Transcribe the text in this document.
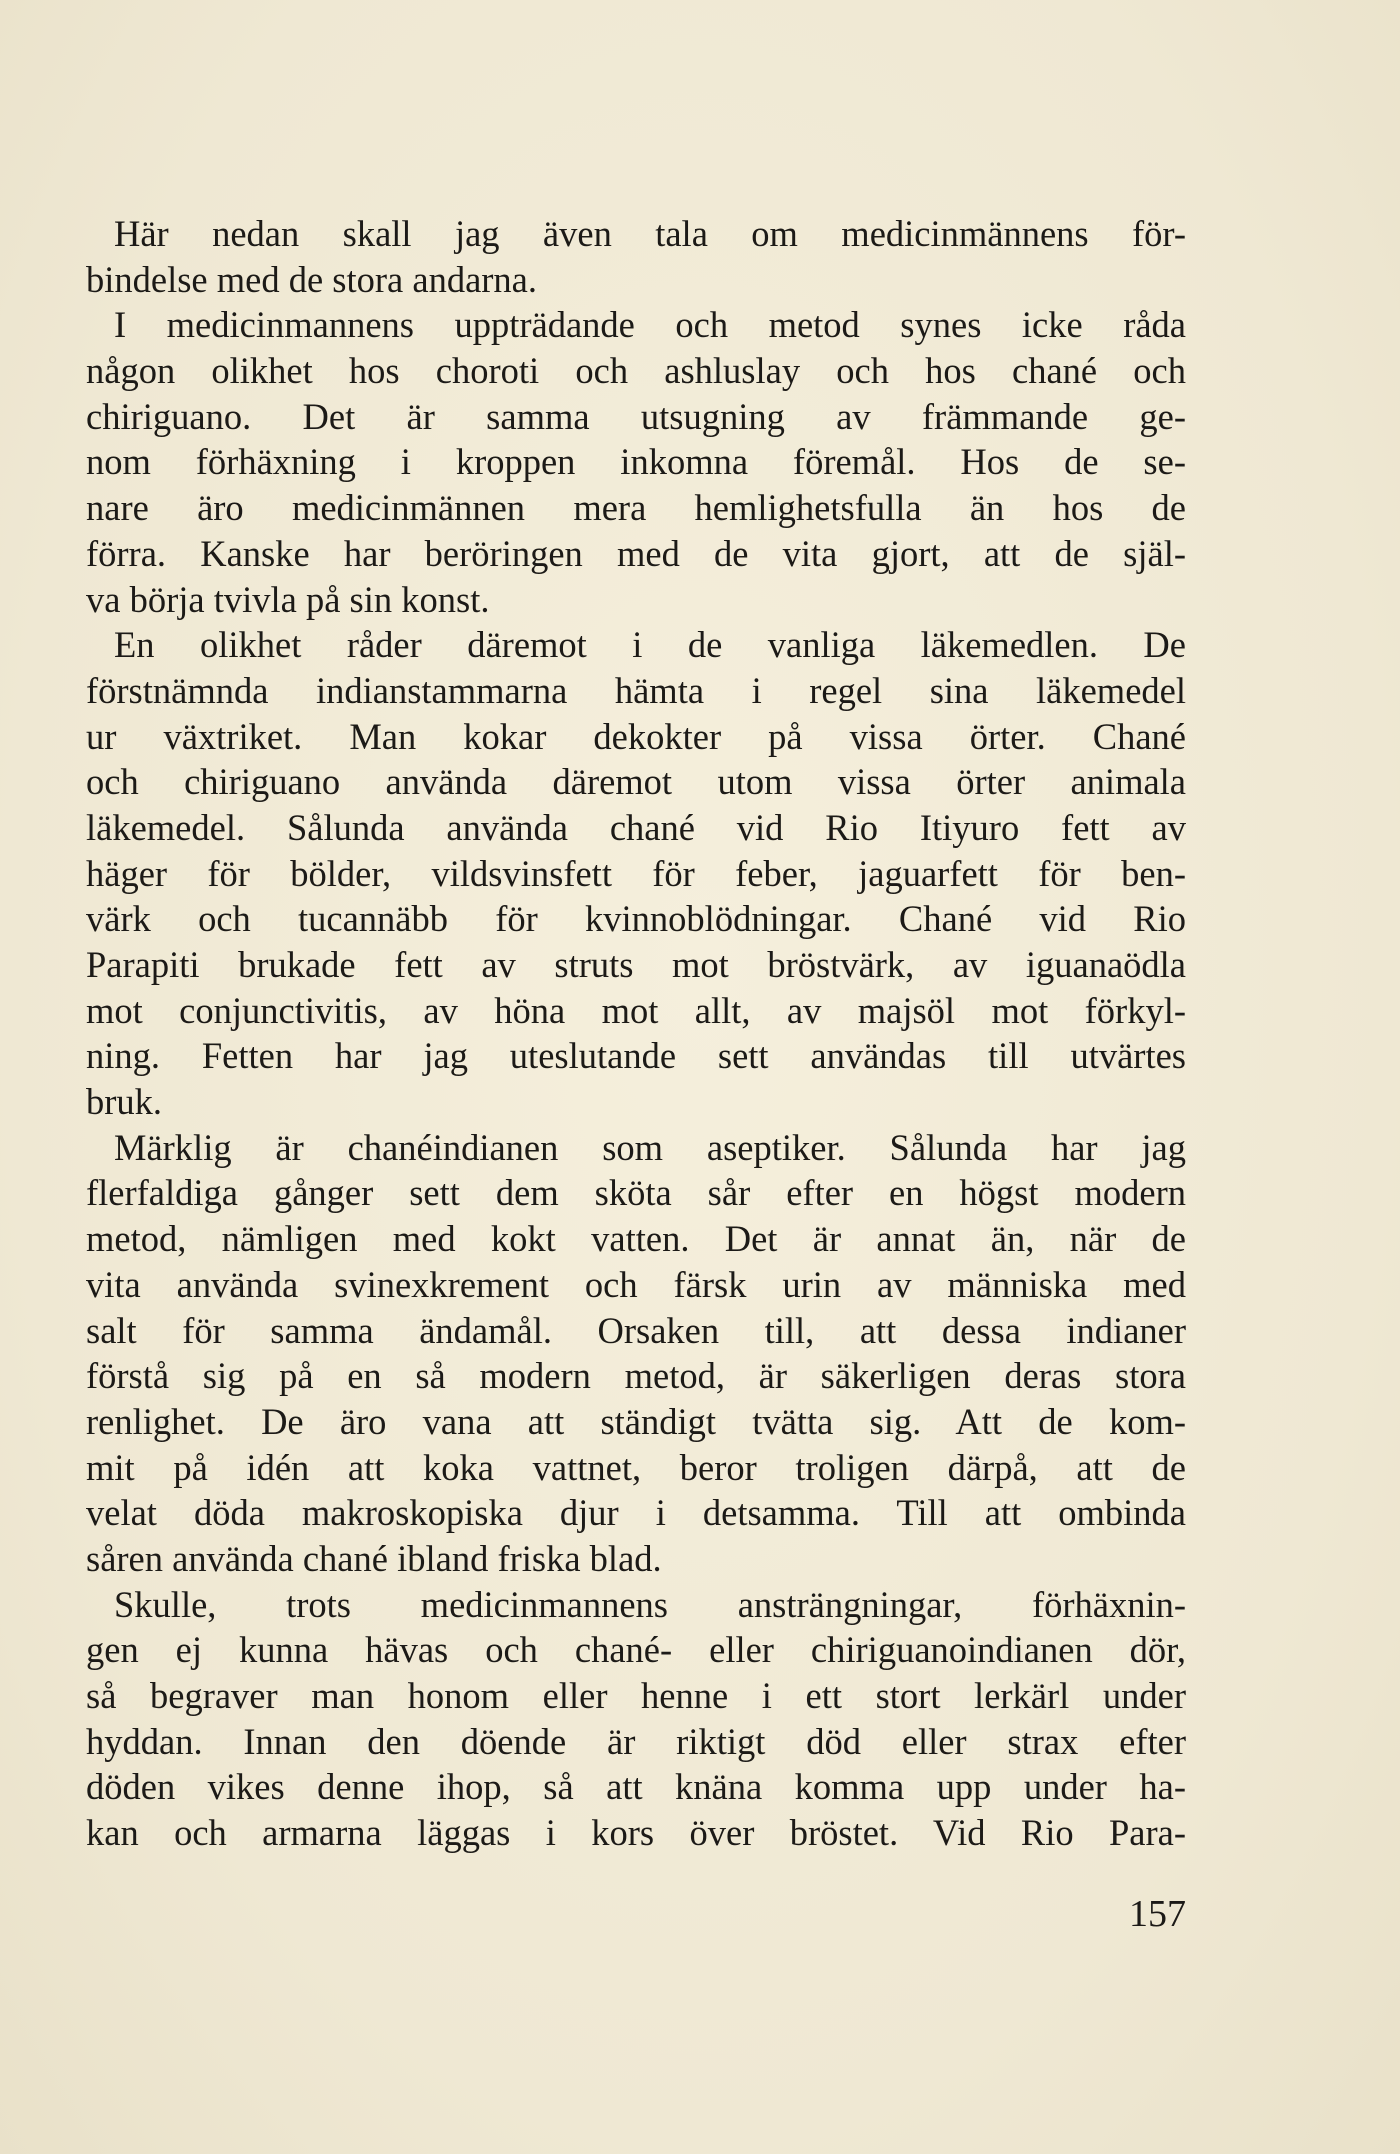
Här nedan skall jag även tala om medicinmännens för-
bindelse med de stora andarna.
I medicinmannens uppträdande och metod synes icke råda
någon olikhet hos choroti och ashluslay och hos chané och
chiriguano. Det är samma utsugning av främmande ge-
nom förhäxning i kroppen inkomna föremål. Hos de se-
nare äro medicinmännen mera hemlighetsfulla än hos de
förra. Kanske har beröringen med de vita gjort, att de själ-
va börja tvivla på sin konst.
En olikhet råder däremot i de vanliga läkemedlen. De
förstnämnda indianstammarna hämta i regel sina läkemedel
ur växtriket. Man kokar dekokter på vissa örter. Chané
och chiriguano använda däremot utom vissa örter animala
läkemedel. Sålunda använda chané vid Rio Itiyuro fett av
häger för bölder, vildsvinsfett för feber, jaguarfett för ben-
värk och tucannäbb för kvinnoblödningar. Chané vid Rio
Parapiti brukade fett av struts mot bröstvärk, av iguanaödla
mot conjunctivitis, av höna mot allt, av majsöl mot förkyl-
ning. Fetten har jag uteslutande sett användas till utvärtes
bruk.
Märklig är chanéindianen som aseptiker. Sålunda har jag
flerfaldiga gånger sett dem sköta sår efter en högst modern
metod, nämligen med kokt vatten. Det är annat än, när de
vita använda svinexkrement och färsk urin av människa med
salt för samma ändamål. Orsaken till, att dessa indianer
förstå sig på en så modern metod, är säkerligen deras stora
renlighet. De äro vana att ständigt tvätta sig. Att de kom-
mit på idén att koka vattnet, beror troligen därpå, att de
velat döda makroskopiska djur i detsamma. Till att ombinda
såren använda chané ibland friska blad.
Skulle, trots medicinmannens ansträngningar, förhäxnin-
gen ej kunna hävas och chané- eller chiriguanoindianen dör,
så begraver man honom eller henne i ett stort lerkärl under
hyddan. Innan den döende är riktigt död eller strax efter
döden vikes denne ihop, så att knäna komma upp under ha-
kan och armarna läggas i kors över bröstet. Vid Rio Para-
157
